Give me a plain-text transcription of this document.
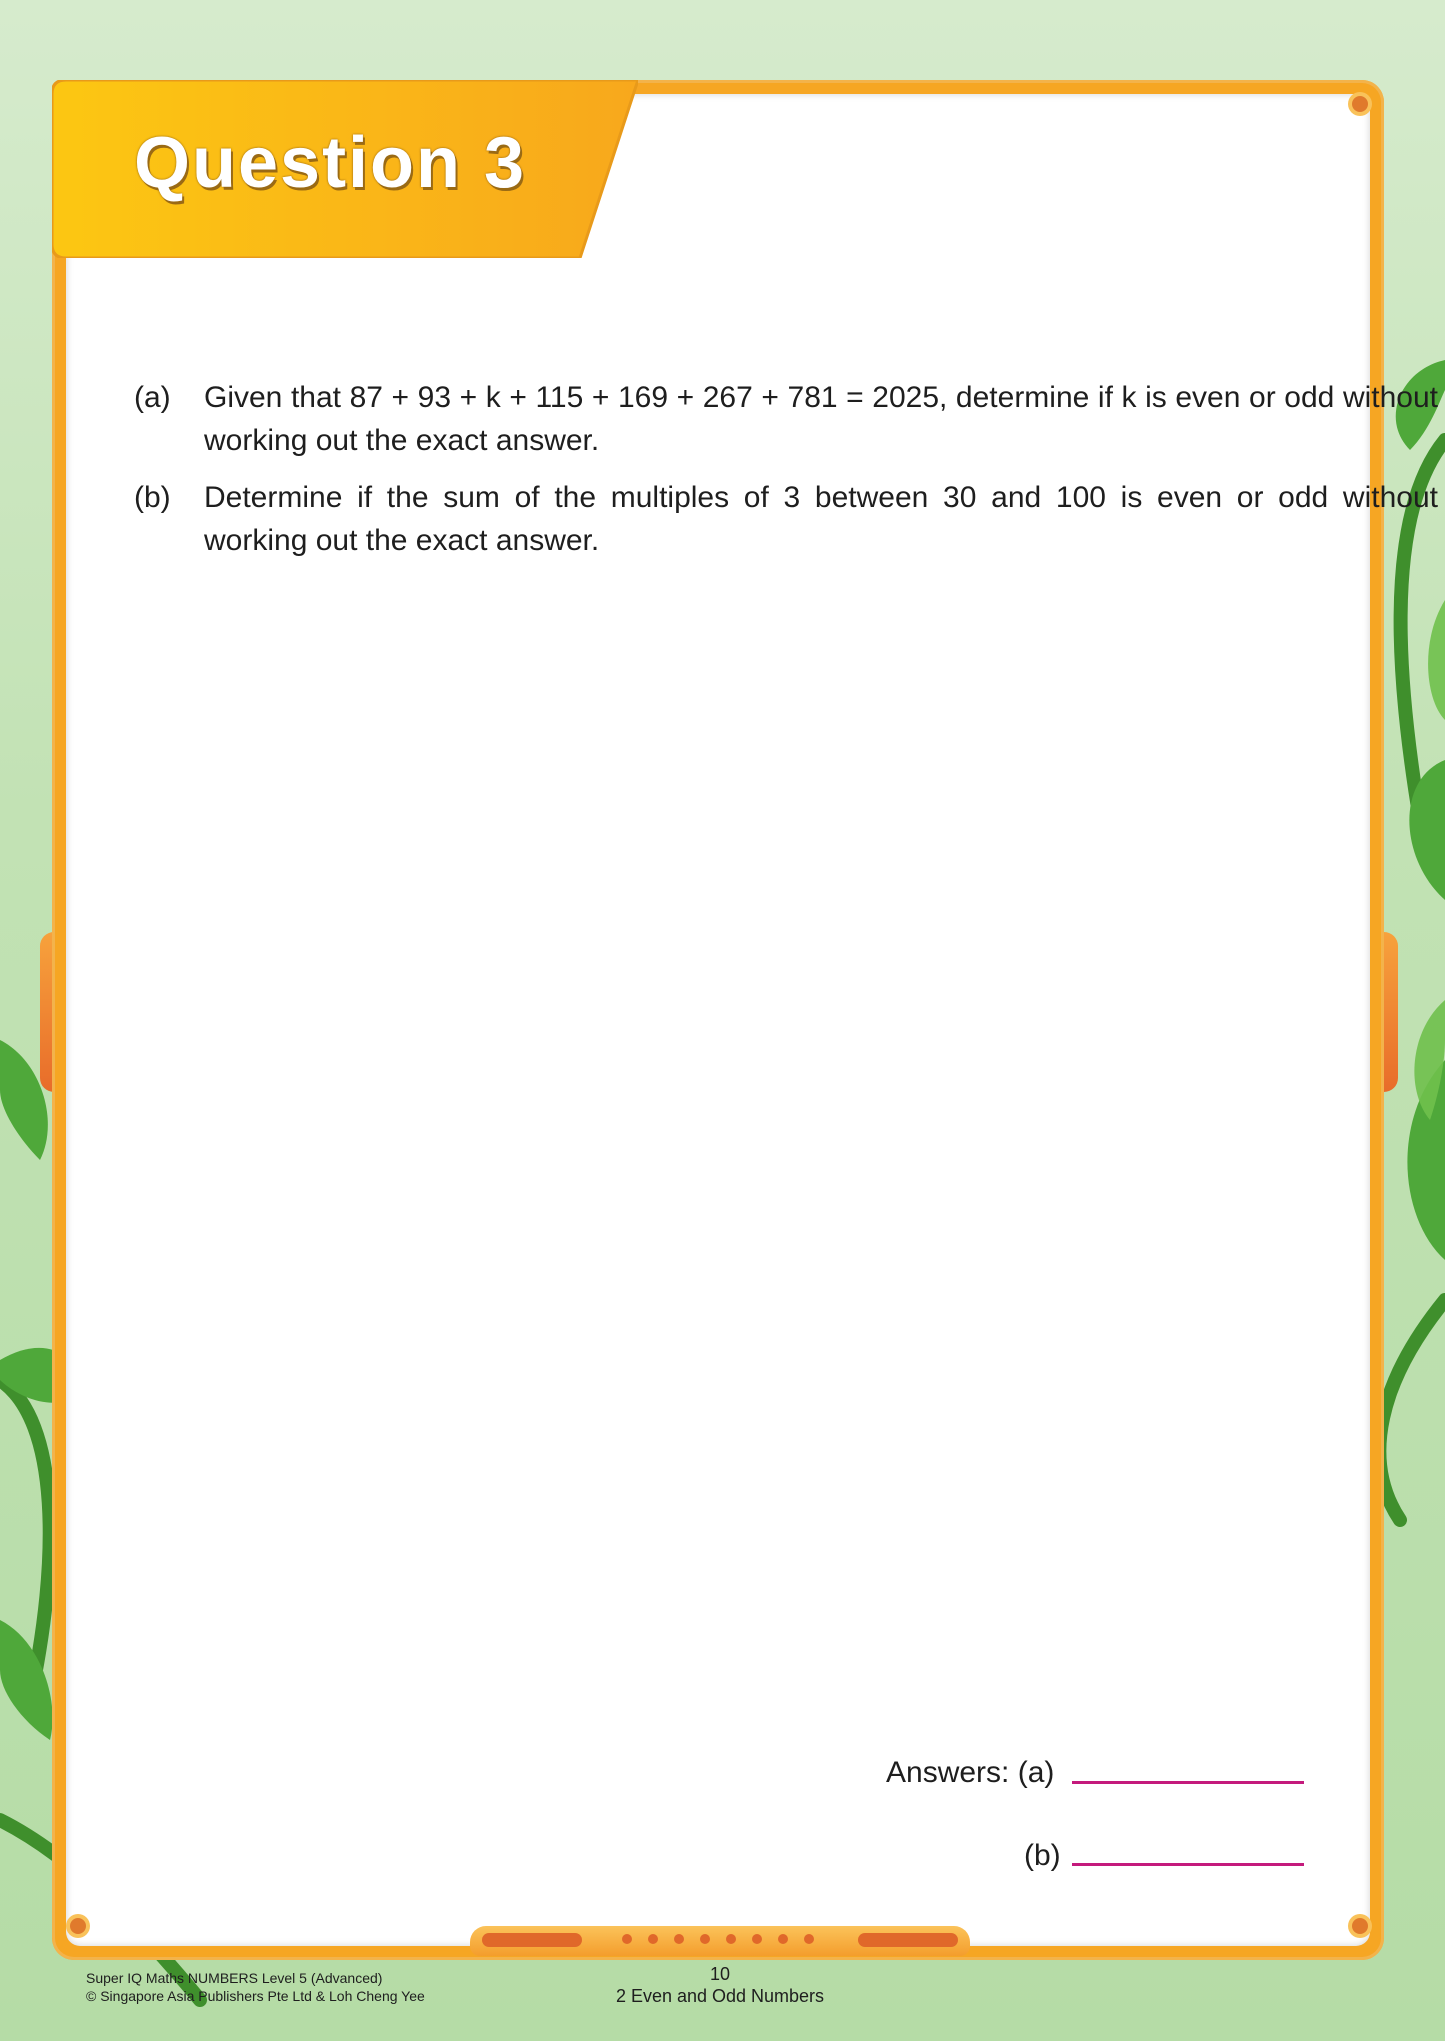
Question 3
(a)	Given that 87 + 93 + k + 115 + 169 + 267 + 781 = 2025, determine if k is even or odd without working out the exact answer.
(b)	Determine if the sum of the multiples of 3 between 30 and 100 is even or odd without working out the exact answer.
Answers: (a)
(b)
Super IQ Maths NUMBERS Level 5 (Advanced)
© Singapore Asia Publishers Pte Ltd & Loh Cheng Yee
10
2 Even and Odd Numbers
